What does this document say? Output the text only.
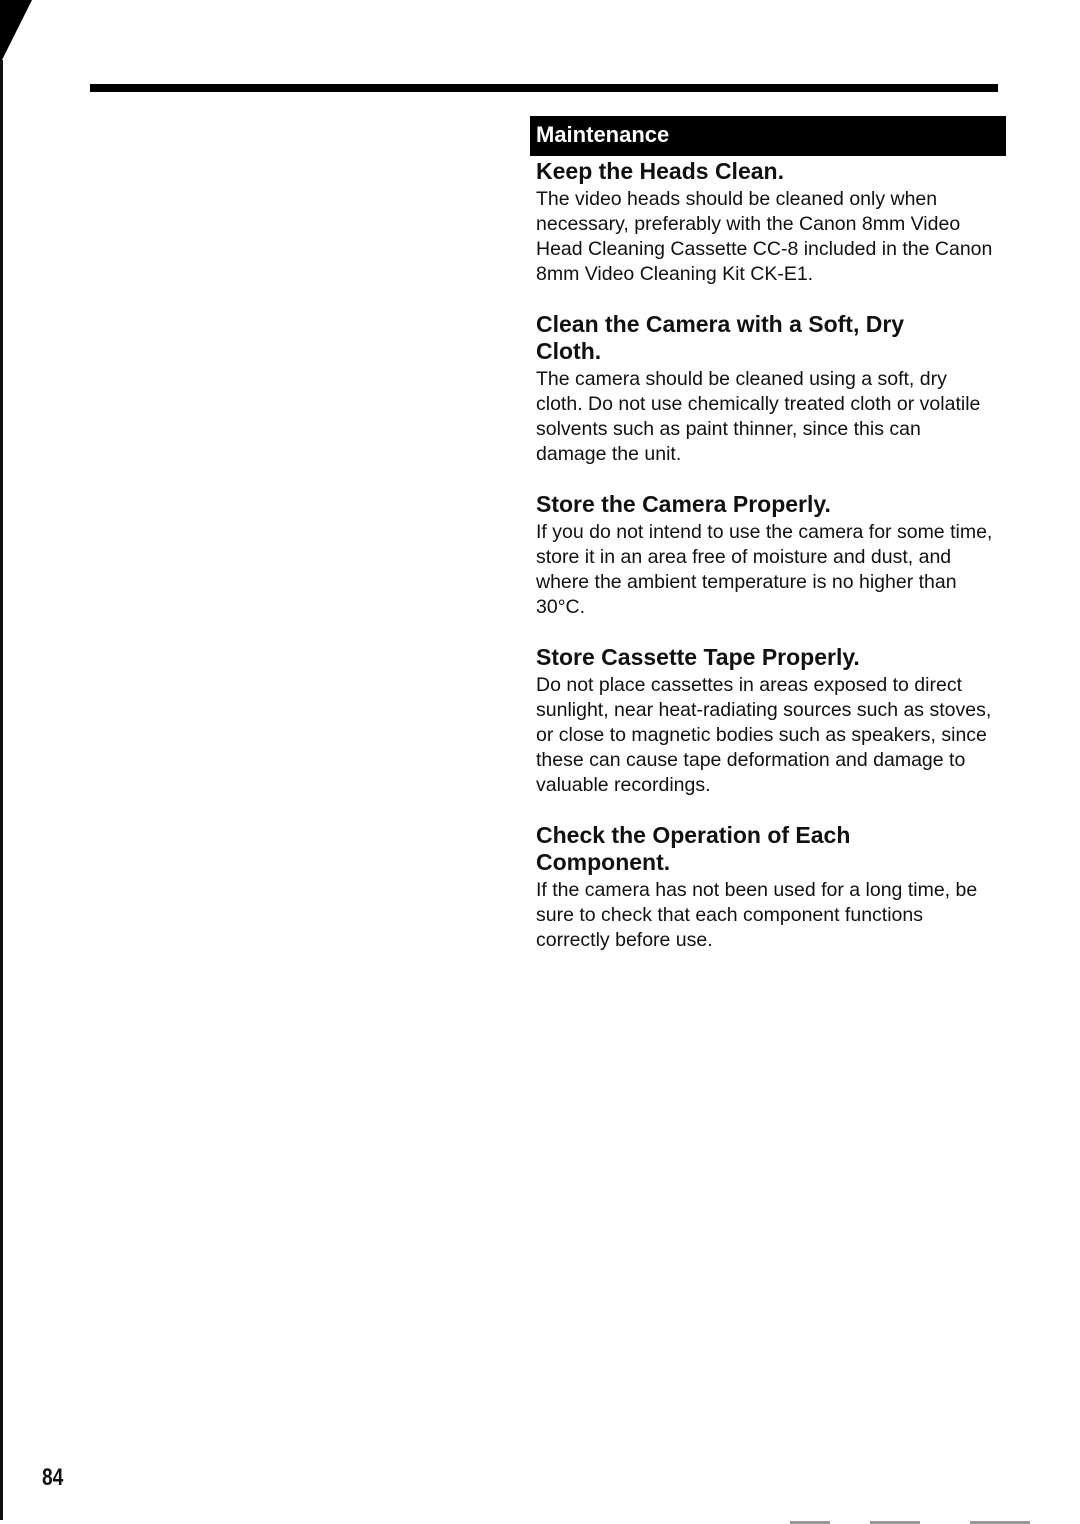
Maintenance
Keep the Heads Clean.

The video heads should be cleaned only when necessary, preferably with the Canon 8mm Video Head Cleaning Cassette CC-8 included in the Canon 8mm Video Cleaning Kit CK-E1.

Clean the Camera with a Soft, Dry Cloth.

The camera should be cleaned using a soft, dry cloth. Do not use chemically treated cloth or volatile solvents such as paint thinner, since this can damage the unit.

Store the Camera Properly.

If you do not intend to use the camera for some time, store it in an area free of moisture and dust, and where the ambient temperature is no higher than 30°C.

Store Cassette Tape Properly.

Do not place cassettes in areas exposed to direct sunlight, near heat-radiating sources such as stoves, or close to magnetic bodies such as speakers, since these can cause tape deformation and damage to valuable recordings.

Check the Operation of Each Component.

If the camera has not been used for a long time, be sure to check that each component functions correctly before use.

84
